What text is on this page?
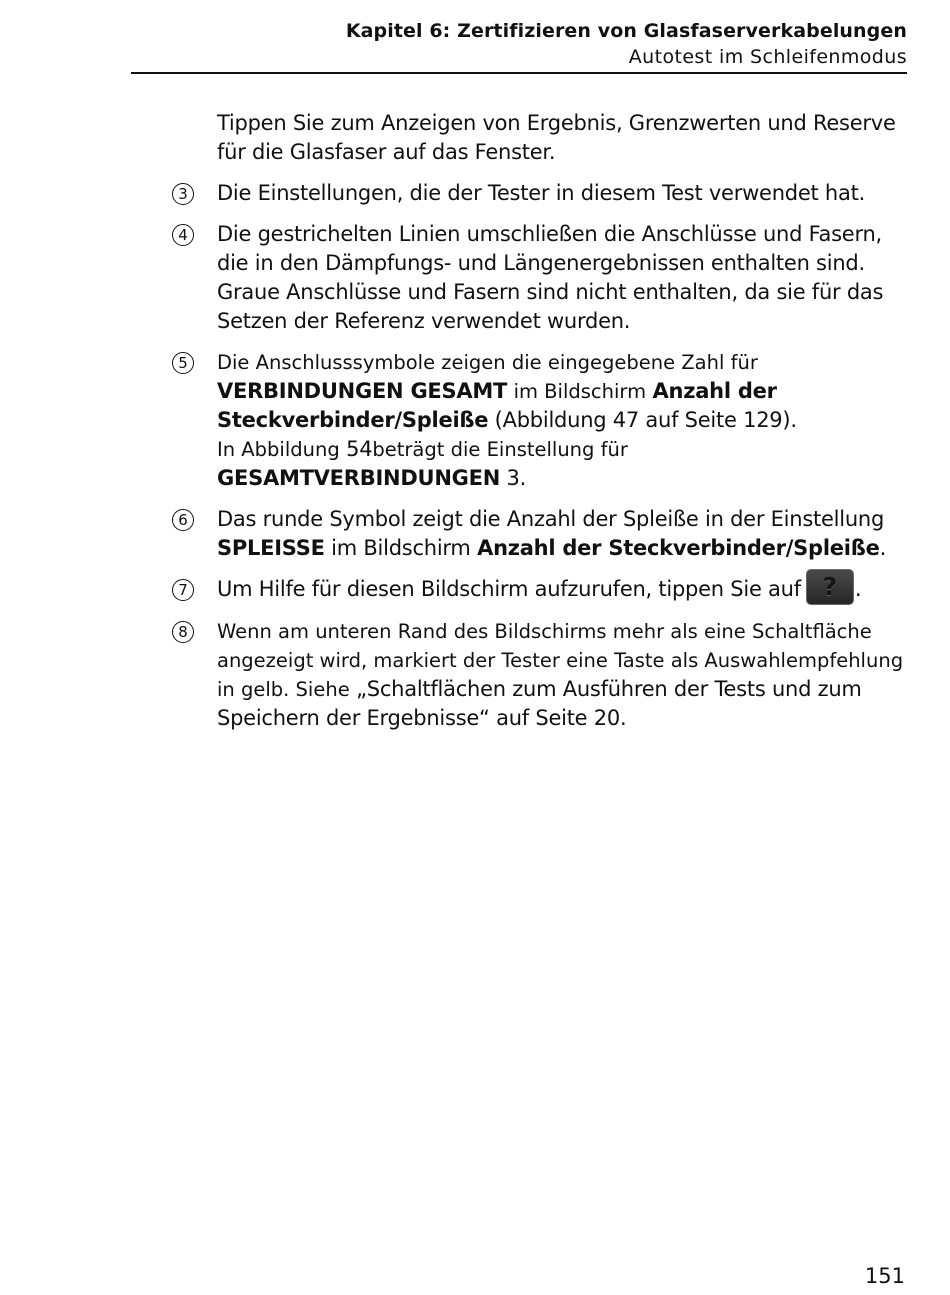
Kapitel 6: Zertifizieren von Glasfaserverkabelungen
Autotest im Schleifenmodus
Tippen Sie zum Anzeigen von Ergebnis, Grenzwerten und Reserve für die Glasfaser auf das Fenster.
3 Die Einstellungen, die der Tester in diesem Test verwendet hat.
4 Die gestrichelten Linien umschließen die Anschlüsse und Fasern, die in den Dämpfungs- und Längenergebnissen enthalten sind. Graue Anschlüsse und Fasern sind nicht enthalten, da sie für das Setzen der Referenz verwendet wurden.
5	Die Anschlusssymbole zeigen die eingegebene Zahl für
VERBINDUNGEN GESAMT im Bildschirm Anzahl der Steckverbinder/Spleiße (Abbildung 47 auf Seite 129).
In Abbildung 54beträgt die Einstellung für
GESAMTVERBINDUNGEN 3.
6 Das runde Symbol zeigt die Anzahl der Spleiße in der Einstellung
SPLEISSE im Bildschirm Anzahl der Steckverbinder/Spleiße.
7 Um Hilfe für diesen Bildschirm aufzurufen, tippen Sie auf ? .
8	Wenn am unteren Rand des Bildschirms mehr als eine Schaltfläche angezeigt wird, markiert der Tester eine Taste als Auswahlempfehlung in gelb. Siehe „Schaltflächen zum Ausführen der Tests und zum Speichern der Ergebnisse“ auf Seite 20.
151
